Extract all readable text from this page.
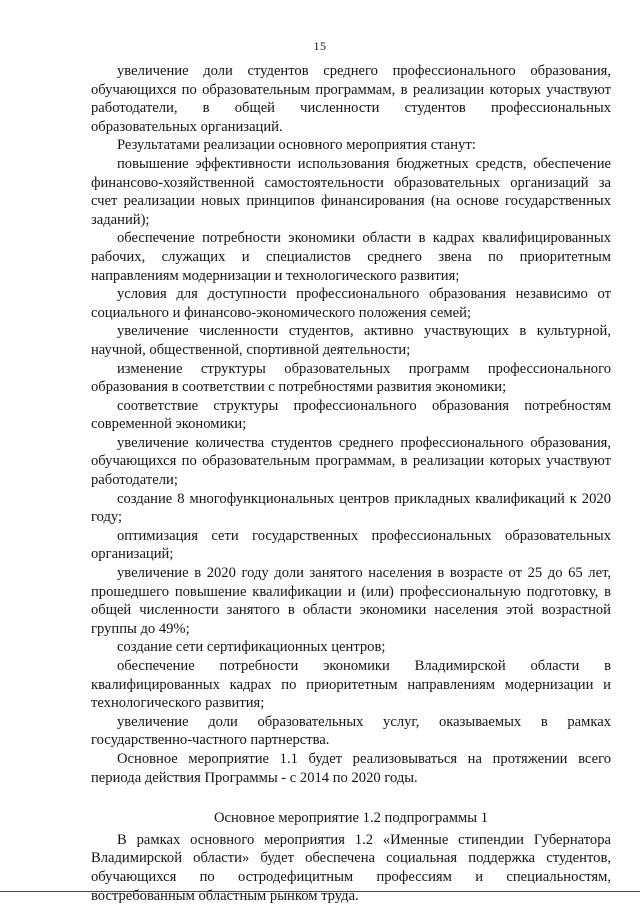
15

увеличение доли студентов среднего профессионального образования, обучающихся по образовательным программам, в реализации которых участвуют работодатели, в общей численности студентов профессиональных образовательных организаций.

Результатами реализации основного мероприятия станут:

повышение эффективности использования бюджетных средств, обеспечение финансово-хозяйственной самостоятельности образовательных организаций за счет реализации новых принципов финансирования (на основе государственных заданий);

обеспечение потребности экономики области в кадрах квалифицированных рабочих, служащих и специалистов среднего звена по приоритетным направлениям модернизации и технологического развития;

условия для доступности профессионального образования независимо от социального и финансово-экономического положения семей;

увеличение численности студентов, активно участвующих в культурной, научной, общественной, спортивной деятельности;

изменение структуры образовательных программ профессионального образования в соответствии с потребностями развития экономики;

соответствие структуры профессионального образования потребностям современной экономики;

увеличение количества студентов среднего профессионального образования, обучающихся по образовательным программам, в реализации которых участвуют работодатели;

создание 8 многофункциональных центров прикладных квалификаций к 2020 году;

оптимизация сети государственных профессиональных образовательных организаций;

увеличение в 2020 году доли занятого населения в возрасте от 25 до 65 лет, прошедшего повышение квалификации и (или) профессиональную подготовку, в общей численности занятого в области экономики населения этой возрастной группы до 49%;

создание сети сертификационных центров;

обеспечение потребности экономики Владимирской области в квалифицированных кадрах по приоритетным направлениям модернизации и технологического развития;

увеличение доли образовательных услуг, оказываемых в рамках государственно-частного партнерства.

Основное мероприятие 1.1 будет реализовываться на протяжении всего периода действия Программы - с 2014 по 2020 годы.

Основное мероприятие 1.2 подпрограммы 1

В рамках основного мероприятия 1.2 «Именные стипендии Губернатора Владимирской области» будет обеспечена социальная поддержка студентов, обучающихся по остродефицитным профессиям и специальностям, востребованным областным рынком труда.
